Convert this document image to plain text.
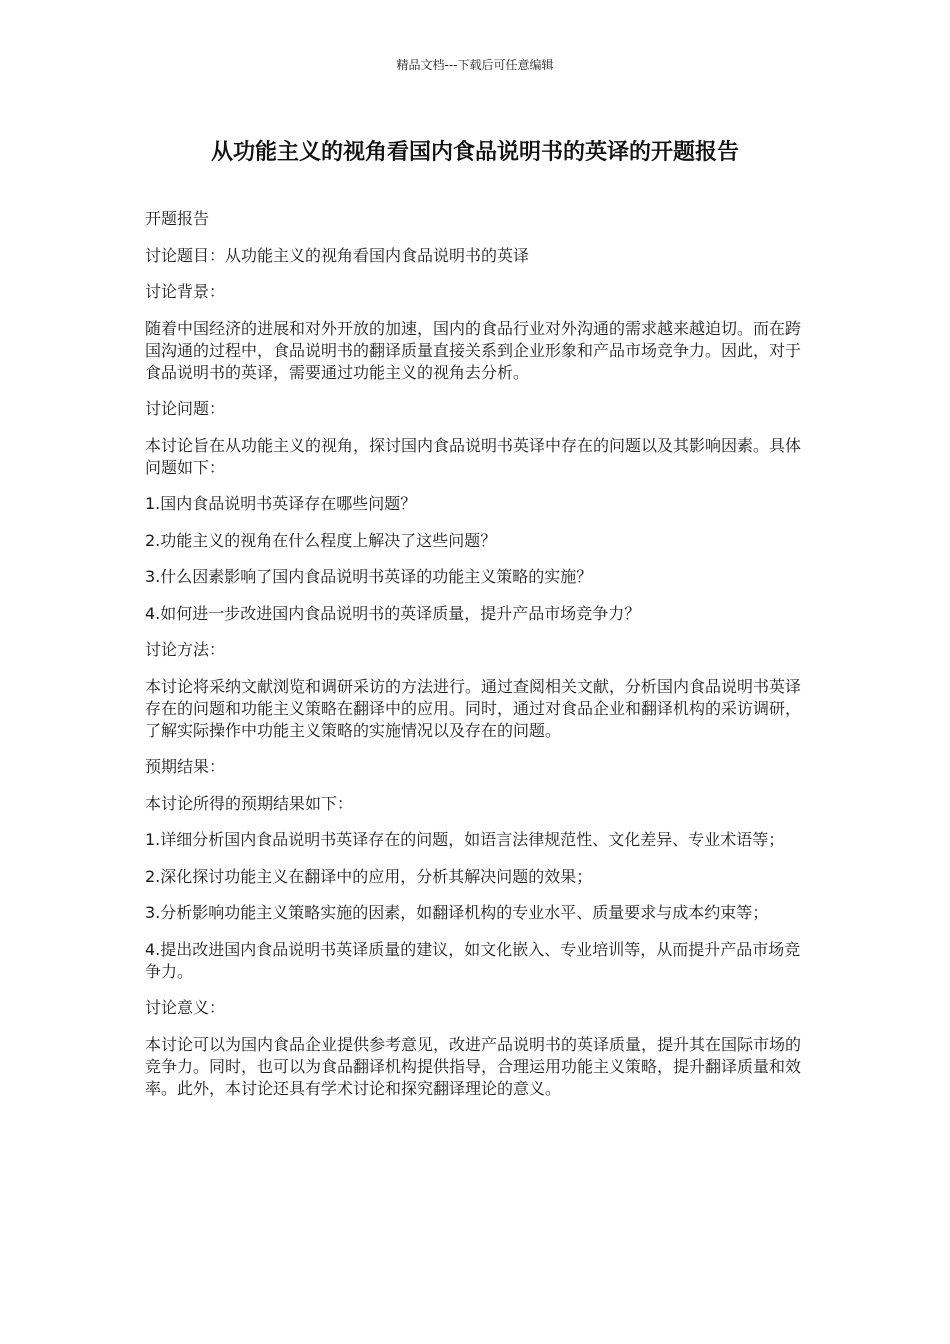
精品文档---下载后可任意编辑
从功能主义的视角看国内食品说明书的英译的开题报告

开题报告

讨论题目：从功能主义的视角看国内食品说明书的英译

讨论背景：

随着中国经济的进展和对外开放的加速，国内的食品行业对外沟通的需求越来越迫切。而在跨国沟通的过程中，食品说明书的翻译质量直接关系到企业形象和产品市场竞争力。因此，对于食品说明书的英译，需要通过功能主义的视角去分析。

讨论问题：

本讨论旨在从功能主义的视角，探讨国内食品说明书英译中存在的问题以及其影响因素。具体问题如下：

1.国内食品说明书英译存在哪些问题？

2.功能主义的视角在什么程度上解决了这些问题？

3.什么因素影响了国内食品说明书英译的功能主义策略的实施？

4.如何进一步改进国内食品说明书的英译质量，提升产品市场竞争力？

讨论方法：

本讨论将采纳文献浏览和调研采访的方法进行。通过查阅相关文献，分析国内食品说明书英译存在的问题和功能主义策略在翻译中的应用。同时，通过对食品企业和翻译机构的采访调研，了解实际操作中功能主义策略的实施情况以及存在的问题。

预期结果：

本讨论所得的预期结果如下：

1.详细分析国内食品说明书英译存在的问题，如语言法律规范性、文化差异、专业术语等；

2.深化探讨功能主义在翻译中的应用，分析其解决问题的效果；

3.分析影响功能主义策略实施的因素，如翻译机构的专业水平、质量要求与成本约束等；

4.提出改进国内食品说明书英译质量的建议，如文化嵌入、专业培训等，从而提升产品市场竞争力。

讨论意义：

本讨论可以为国内食品企业提供参考意见，改进产品说明书的英译质量，提升其在国际市场的竞争力。同时，也可以为食品翻译机构提供指导，合理运用功能主义策略，提升翻译质量和效率。此外，本讨论还具有学术讨论和探究翻译理论的意义。
